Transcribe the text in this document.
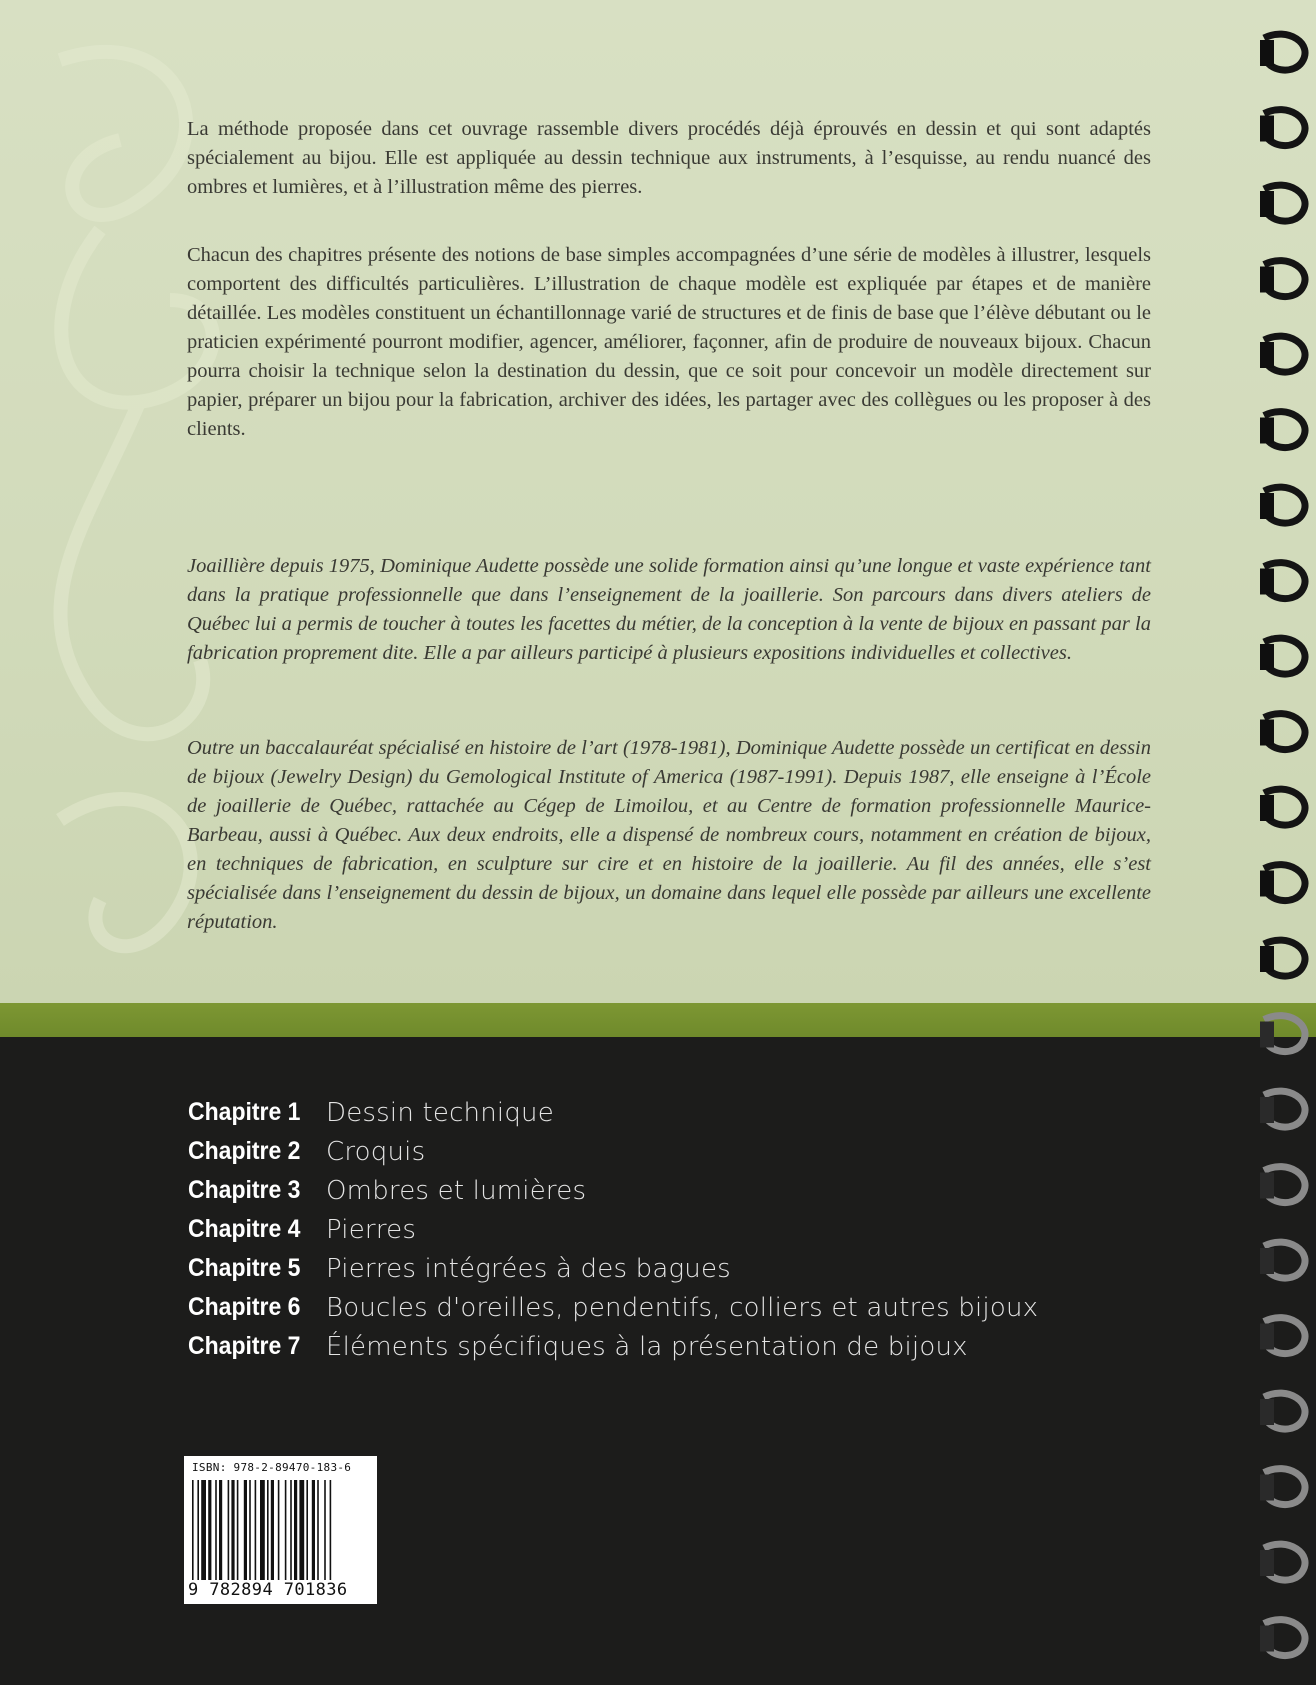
La méthode proposée dans cet ouvrage rassemble divers procédés déjà éprouvés en dessin et qui sont adaptés spécialement au bijou. Elle est appliquée au dessin technique aux instruments, à l’esquisse, au rendu nuancé des ombres et lumières, et à l’illustration même des pierres.

Chacun des chapitres présente des notions de base simples accompagnées d’une série de modèles à illustrer, lesquels comportent des difficultés particulières. L’illustration de chaque modèle est expliquée par étapes et de manière détaillée. Les modèles constituent un échantillonnage varié de structures et de finis de base que l’élève débutant ou le praticien expérimenté pourront modifier, agencer, améliorer, façonner, afin de produire de nouveaux bijoux. Chacun pourra choisir la technique selon la destination du dessin, que ce soit pour concevoir un modèle directement sur papier, préparer un bijou pour la fabrication, archiver des idées, les partager avec des collègues ou les proposer à des clients.

Joaillière depuis 1975, Dominique Audette possède une solide formation ainsi qu’une longue et vaste expérience tant dans la pratique professionnelle que dans l’enseignement de la joaillerie. Son parcours dans divers ateliers de Québec lui a permis de toucher à toutes les facettes du métier, de la conception à la vente de bijoux en passant par la fabrication proprement dite. Elle a par ailleurs participé à plusieurs expositions individuelles et collectives.

Outre un baccalauréat spécialisé en histoire de l’art (1978-1981), Dominique Audette possède un certificat en dessin de bijoux (Jewelry Design) du Gemological Institute of America (1987-1991). Depuis 1987, elle enseigne à l’École de joaillerie de Québec, rattachée au Cégep de Limoilou, et au Centre de formation professionnelle Maurice-Barbeau, aussi à Québec. Aux deux endroits, elle a dispensé de nombreux cours, notamment en création de bijoux, en techniques de fabrication, en sculpture sur cire et en histoire de la joaillerie. Au fil des années, elle s’est spécialisée dans l’enseignement du dessin de bijoux, un domaine dans lequel elle possède par ailleurs une excellente réputation.

Chapitre 1 Dessin technique
Chapitre 2 Croquis
Chapitre 3 Ombres et lumières
Chapitre 4 Pierres
Chapitre 5 Pierres intégrées à des bagues
Chapitre 6 Boucles d'oreilles, pendentifs, colliers et autres bijoux
Chapitre 7 Éléments spécifiques à la présentation de bijoux
ISBN: 978-2-89470-183-6
9 782894 701836
